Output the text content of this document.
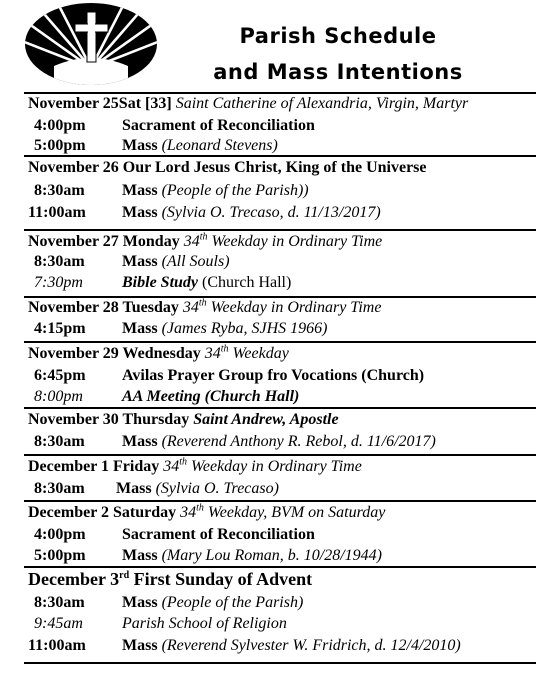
Parish Schedule
and Mass Intentions
November 25Sat [33] Saint Catherine of Alexandria, Virgin, Martyr
4:00pm Sacrament of Reconciliation
5:00pm Mass (Leonard Stevens)
November 26 Our Lord Jesus Christ, King of the Universe
8:30am Mass (People of the Parish))
11:00am Mass (Sylvia O. Trecaso, d. 11/13/2017)
November 27 Monday 34th Weekday in Ordinary Time
8:30am Mass (All Souls)
7:30pm Bible Study (Church Hall)
November 28 Tuesday 34th Weekday in Ordinary Time
4:15pm Mass (James Ryba, SJHS 1966)
November 29 Wednesday 34th Weekday
6:45pm Avilas Prayer Group fro Vocations (Church)
8:00pm AA Meeting (Church Hall)
November 30 Thursday Saint Andrew, Apostle
8:30am Mass (Reverend Anthony R. Rebol, d. 11/6/2017)
December 1 Friday 34th Weekday in Ordinary Time
8:30am Mass (Sylvia O. Trecaso)
December 2 Saturday 34th Weekday, BVM on Saturday
4:00pm Sacrament of Reconciliation
5:00pm Mass (Mary Lou Roman, b. 10/28/1944)
December 3rd First Sunday of Advent
8:30am Mass (People of the Parish)
9:45am Parish School of Religion
11:00am Mass (Reverend Sylvester W. Fridrich, d. 12/4/2010)
